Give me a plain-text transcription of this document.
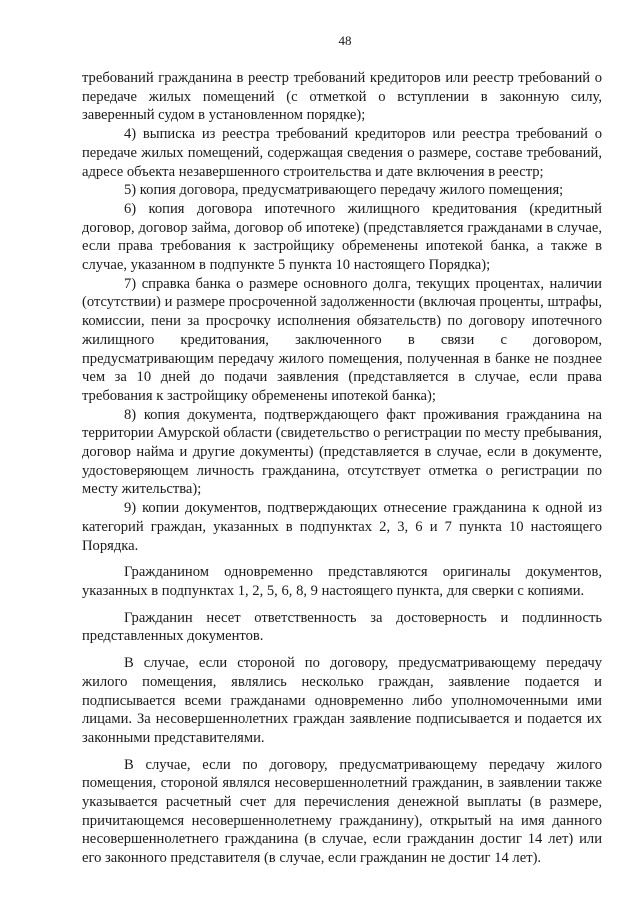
48

требований гражданина в реестр требований кредиторов или реестр требований о передаче жилых помещений (с отметкой о вступлении в законную силу, заверенный судом в установленном порядке);

4) выписка из реестра требований кредиторов или реестра требований о передаче жилых помещений, содержащая сведения о размере, составе требований, адресе объекта незавершенного строительства и дате включения в реестр;

5) копия договора, предусматривающего передачу жилого помещения;

6) копия договора ипотечного жилищного кредитования (кредитный договор, договор займа, договор об ипотеке) (представляется гражданами в случае, если права требования к застройщику обременены ипотекой банка, а также в случае, указанном в подпункте 5 пункта 10 настоящего Порядка);

7) справка банка о размере основного долга, текущих процентах, наличии (отсутствии) и размере просроченной задолженности (включая проценты, штрафы, комиссии, пени за просрочку исполнения обязательств) по договору ипотечного жилищного кредитования, заключенного в связи с договором, предусматривающим передачу жилого помещения, полученная в банке не позднее чем за 10 дней до подачи заявления (представляется в случае, если права требования к застройщику обременены ипотекой банка);

8) копия документа, подтверждающего факт проживания гражданина на территории Амурской области (свидетельство о регистрации по месту пребывания, договор найма и другие документы) (представляется в случае, если в документе, удостоверяющем личность гражданина, отсутствует отметка о регистрации по месту жительства);

9) копии документов, подтверждающих отнесение гражданина к одной из категорий граждан, указанных в подпунктах 2, 3, 6 и 7 пункта 10 настоящего Порядка.

Гражданином одновременно представляются оригиналы документов, указанных в подпунктах 1, 2, 5, 6, 8, 9 настоящего пункта, для сверки с копиями.

Гражданин несет ответственность за достоверность и подлинность представленных документов.

В случае, если стороной по договору, предусматривающему передачу жилого помещения, являлись несколько граждан, заявление подается и подписывается всеми гражданами одновременно либо уполномоченными ими лицами. За несовершеннолетних граждан заявление подписывается и подается их законными представителями.

В случае, если по договору, предусматривающему передачу жилого помещения, стороной являлся несовершеннолетний гражданин, в заявлении также указывается расчетный счет для перечисления денежной выплаты (в размере, причитающемся несовершеннолетнему гражданину), открытый на имя данного несовершеннолетнего гражданина (в случае, если гражданин достиг 14 лет) или его законного представителя (в случае, если гражданин не достиг 14 лет).
